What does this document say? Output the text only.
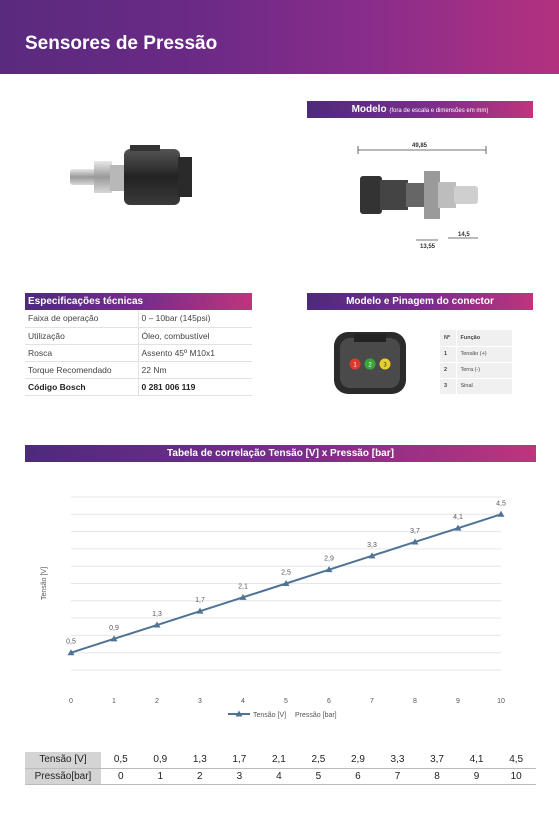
Sensores de Pressão
Modelo (fora de escala e dimensões em mm)
49,85
13,55
14,5
Especificações técnicas
Faixa de operação	0 – 10bar (145psi)
Utilização	Óleo, combustível
Rosca	Assento 45º M10x1
Torque Recomendado	22 Nm
Código Bosch	0 281 006 119
Modelo e Pinagem do conector
1 2 3
Nº	Função
1	Tensão (+)
2	Terra (-)
3	Sinal
Tabela de correlação Tensão [V] x Pressão [bar]
0	1	2	3	4	5	6	7	8	9	10
Tensão [V]
0,5
0,9
1,3
1,7
2,1
2,5
2,9
3,3
3,7
4,1
4,5
Tensão [V] Pressão [bar]
Tensão [V]	0,5	0,9	1,3	1,7	2,1	2,5	2,9	3,3	3,7	4,1	4,5
Pressão[bar]	0	1	2	3	4	5	6	7	8	9	10
